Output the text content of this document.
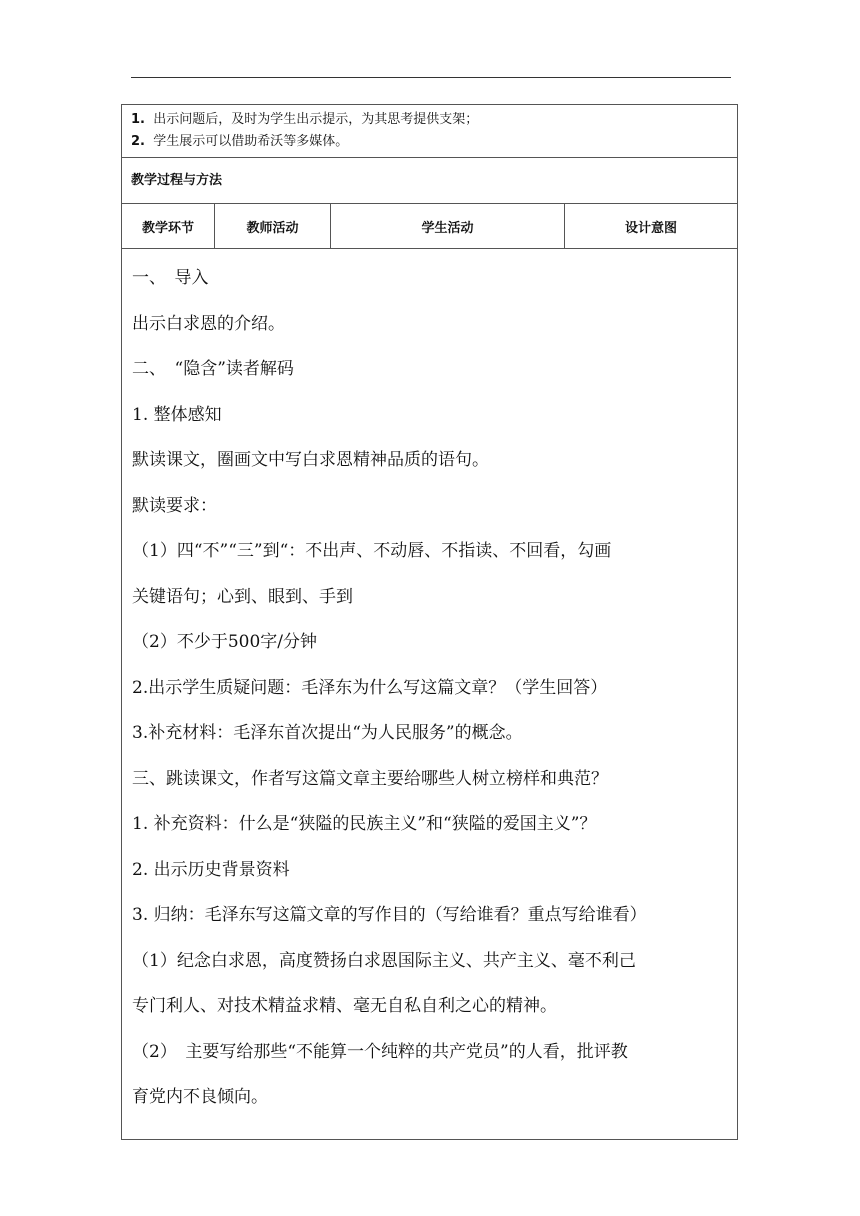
1. 出示问题后，及时为学生出示提示，为其思考提供支架；
2. 学生展示可以借助希沃等多媒体。
教学过程与方法
教学环节	教师活动	学生活动	设计意图
一、　导入
出示白求恩的介绍。
二、　“隐含”读者解码
1. 整体感知
默读课文，圈画文中写白求恩精神品质的语句。
默读要求：
（1）四“不”“三”到“：不出声、不动唇、不指读、不回看，勾画
关键语句；心到、眼到、手到
（2）不少于500字/分钟
2.出示学生质疑问题：毛泽东为什么写这篇文章？（学生回答）
3.补充材料：毛泽东首次提出“为人民服务”的概念。
三、跳读课文，作者写这篇文章主要给哪些人树立榜样和典范？
1. 补充资料：什么是“狭隘的民族主义”和“狭隘的爱国主义”？
2. 出示历史背景资料
3. 归纳：毛泽东写这篇文章的写作目的（写给谁看？重点写给谁看）
（1）纪念白求恩，高度赞扬白求恩国际主义、共产主义、毫不利己
专门利人、对技术精益求精、毫无自私自利之心的精神。
（2）　主要写给那些“不能算一个纯粹的共产党员”的人看，批评教
育党内不良倾向。
